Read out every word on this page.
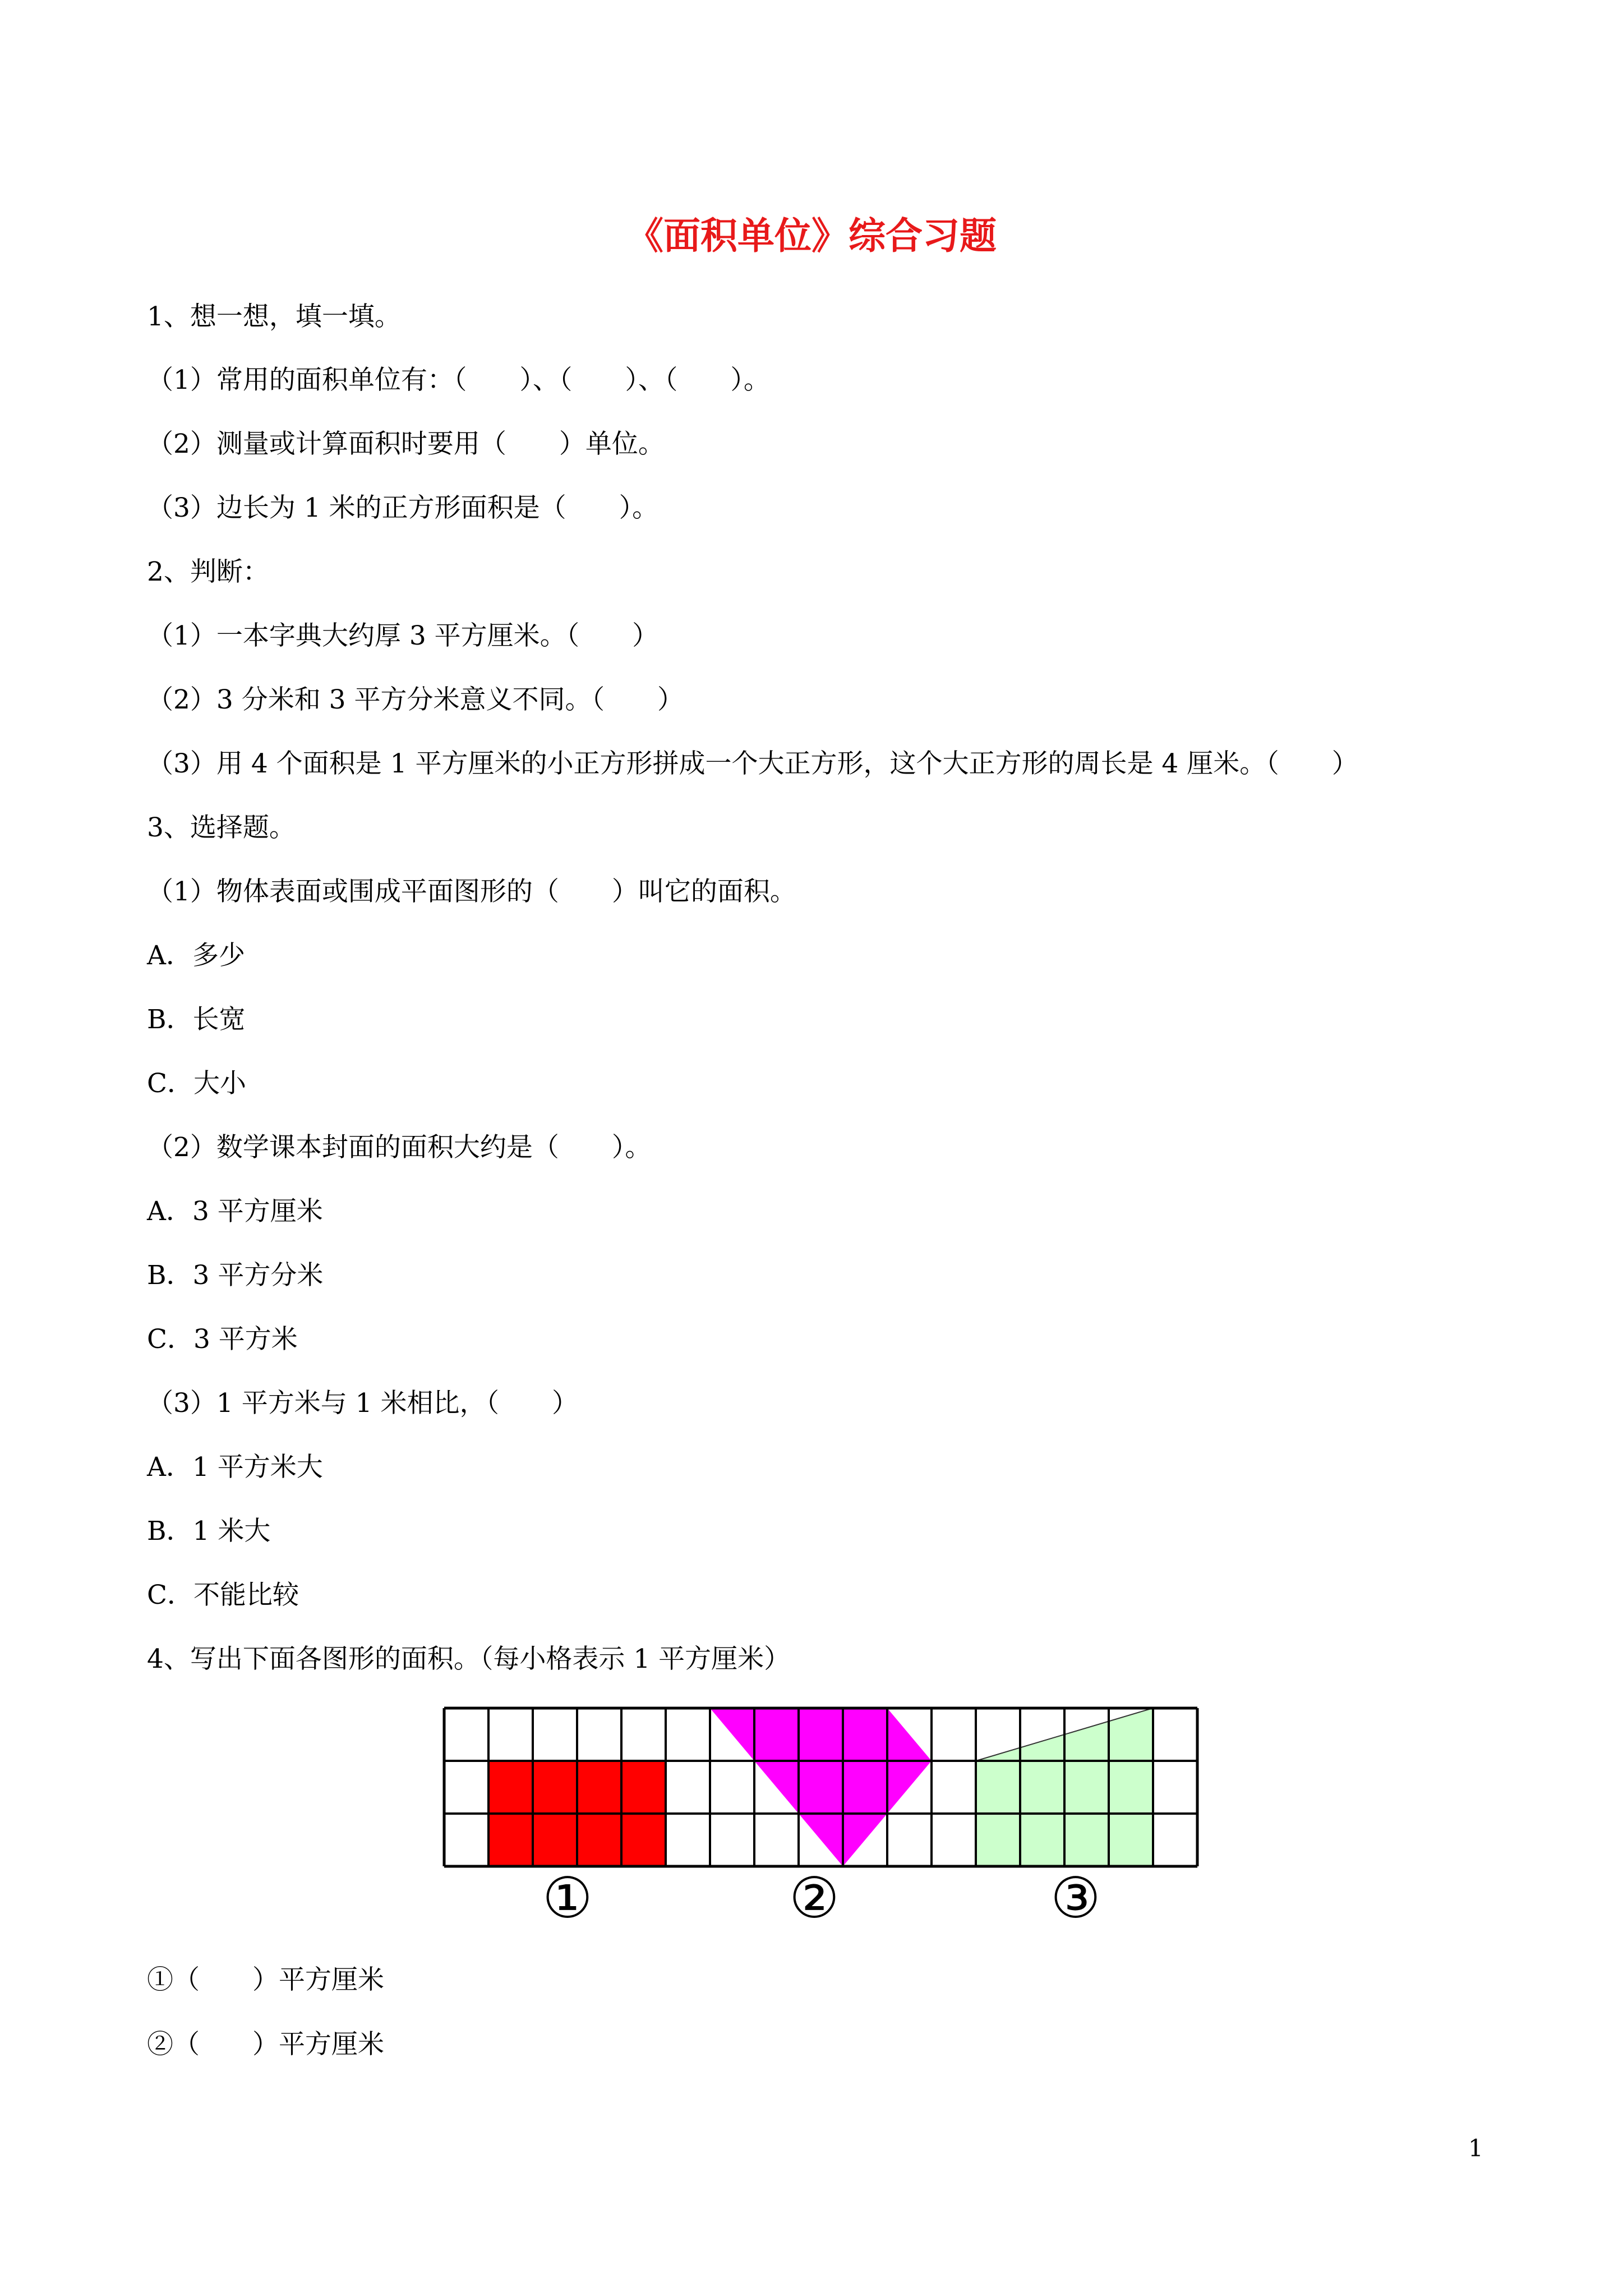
《面积单位》综合习题
1、想一想，填一填。
（1）常用的面积单位有：（　　）、（　　）、（　　）。
（2）测量或计算面积时要用（　　）单位。
（3）边长为 1 米的正方形面积是（　　）。
2、判断：
（1）一本字典大约厚 3 平方厘米。（　　）
（2）3 分米和 3 平方分米意义不同。（　　）
（3）用 4 个面积是 1 平方厘米的小正方形拼成一个大正方形，这个大正方形的周长是 4 厘米。（　　）
3、选择题。
（1）物体表面或围成平面图形的（　　）叫它的面积。
A．多少
B．长宽
C．大小
（2）数学课本封面的面积大约是（　　）。
A．3 平方厘米
B．3 平方分米
C．3 平方米
（3）1 平方米与 1 米相比，（　　）
A．1 平方米大
B．1 米大
C．不能比较
4、写出下面各图形的面积。（每小格表示 1 平方厘米）
①	②	③
①（　　）平方厘米
②（　　）平方厘米
1
